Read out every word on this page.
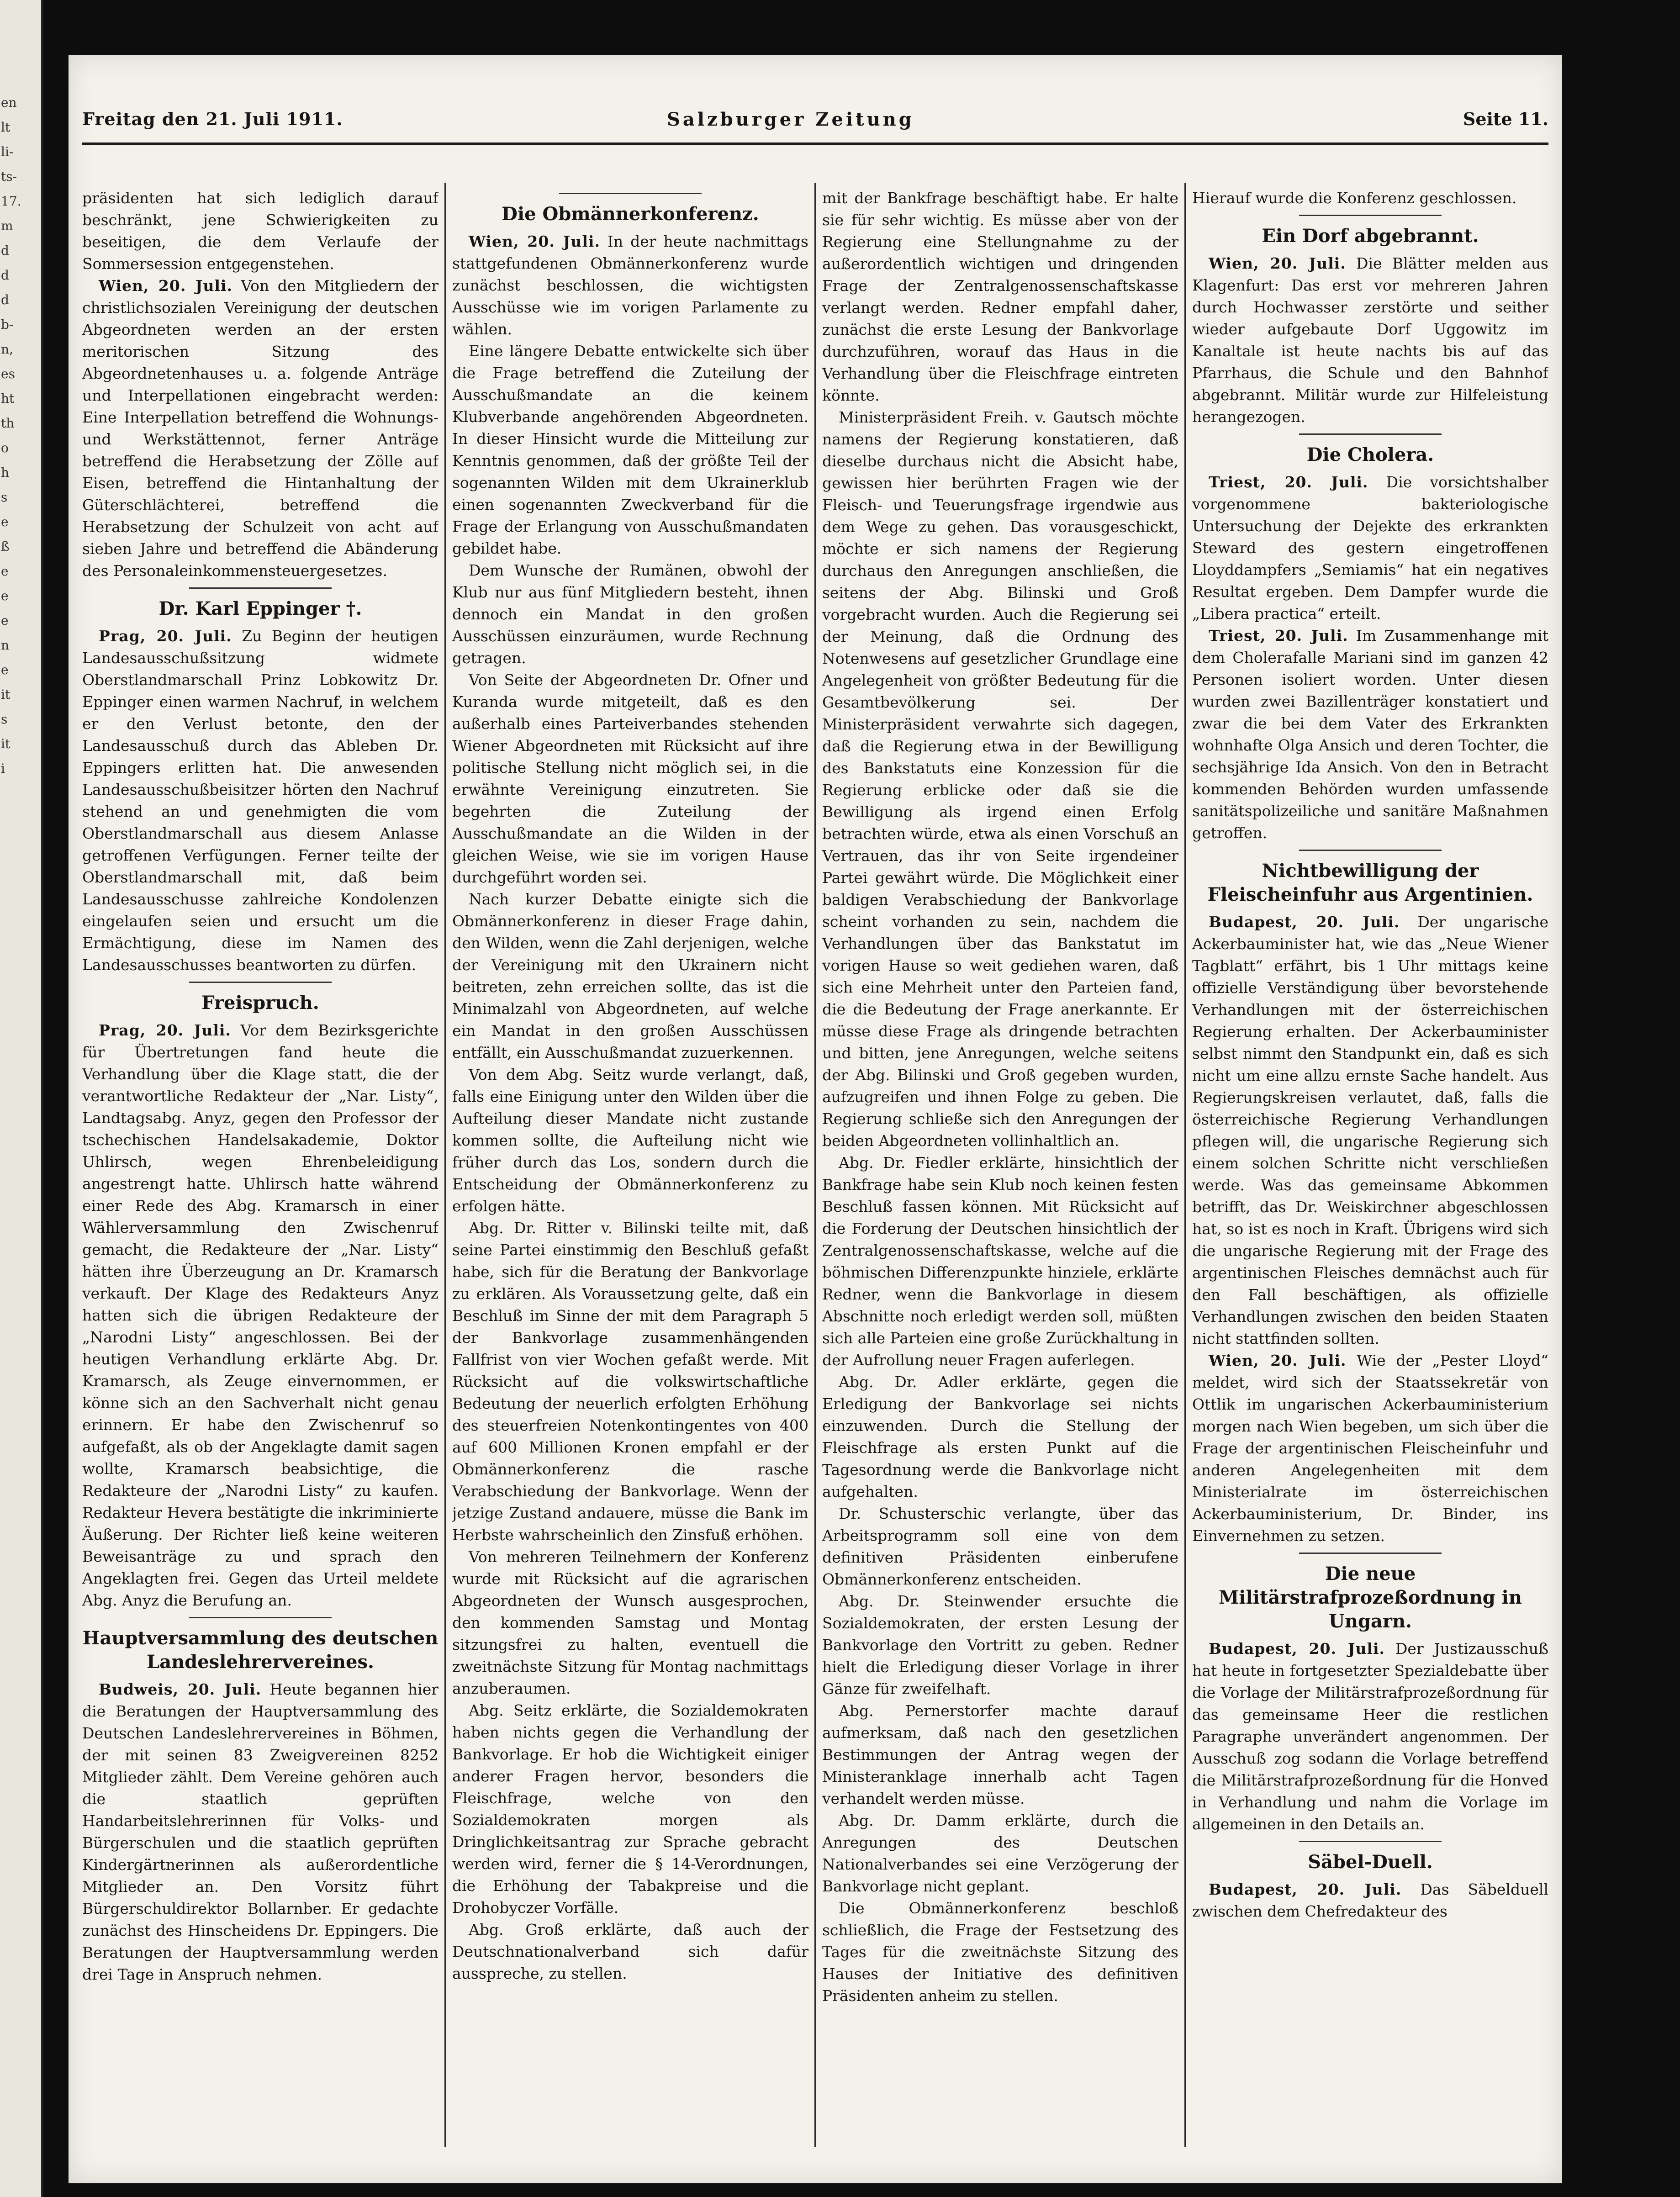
en
lt
li-
ts-
17.
m
d
d
d
b-
n,
es
ht
th
o
h
s
e
ß
e
e
e
n
e
it
s
it
i
Freitag den 21. Juli 1911.	Salzburger Zeitung	Seite 11.

präsidenten hat sich lediglich darauf beschränkt, jene Schwierigkeiten zu beseitigen, die dem Verlaufe der Sommersession entgegenstehen.

Wien, 20. Juli. Von den Mitgliedern der christlichsozialen Vereinigung der deutschen Abgeordneten werden an der ersten meritorischen Sitzung des Abgeordnetenhauses u. a. folgende Anträge und Interpellationen eingebracht werden: Eine Interpellation betreffend die Wohnungs- und Werkstättennot, ferner Anträge betreffend die Herabsetzung der Zölle auf Eisen, betreffend die Hintanhaltung der Güterschlächterei, betreffend die Herabsetzung der Schulzeit von acht auf sieben Jahre und betreffend die Abänderung des Personaleinkommensteuergesetzes.

Dr. Karl Eppinger †.

Prag, 20. Juli. Zu Beginn der heutigen Landesausschußsitzung widmete Oberstlandmarschall Prinz Lobkowitz Dr. Eppinger einen warmen Nachruf, in welchem er den Verlust betonte, den der Landesausschuß durch das Ableben Dr. Eppingers erlitten hat. Die anwesenden Landesausschußbeisitzer hörten den Nachruf stehend an und genehmigten die vom Oberstlandmarschall aus diesem Anlasse getroffenen Verfügungen. Ferner teilte der Oberstlandmarschall mit, daß beim Landesausschusse zahlreiche Kondolenzen eingelaufen seien und ersucht um die Ermächtigung, diese im Namen des Landesausschusses beantworten zu dürfen.

Freispruch.

Prag, 20. Juli. Vor dem Bezirksgerichte für Übertretungen fand heute die Verhandlung über die Klage statt, die der verantwortliche Redakteur der „Nar. Listy“, Landtagsabg. Anyz, gegen den Professor der tschechischen Handelsakademie, Doktor Uhlirsch, wegen Ehrenbeleidigung angestrengt hatte. Uhlirsch hatte während einer Rede des Abg. Kramarsch in einer Wählerversammlung den Zwischenruf gemacht, die Redakteure der „Nar. Listy“ hätten ihre Überzeugung an Dr. Kramarsch verkauft. Der Klage des Redakteurs Anyz hatten sich die übrigen Redakteure der „Narodni Listy“ angeschlossen. Bei der heutigen Verhandlung erklärte Abg. Dr. Kramarsch, als Zeuge einvernommen, er könne sich an den Sachverhalt nicht genau erinnern. Er habe den Zwischenruf so aufgefaßt, als ob der Angeklagte damit sagen wollte, Kramarsch beabsichtige, die Redakteure der „Narodni Listy“ zu kaufen. Redakteur Hevera bestätigte die inkriminierte Äußerung. Der Richter ließ keine weiteren Beweisanträge zu und sprach den Angeklagten frei. Gegen das Urteil meldete Abg. Anyz die Berufung an.

Hauptversammlung des deutschen Landeslehrervereines.

Budweis, 20. Juli. Heute begannen hier die Beratungen der Hauptversammlung des Deutschen Landeslehrervereines in Böhmen, der mit seinen 83 Zweigvereinen 8252 Mitglieder zählt. Dem Vereine gehören auch die staatlich geprüften Handarbeitslehrerinnen für Volks- und Bürgerschulen und die staatlich geprüften Kindergärtnerinnen als außerordentliche Mitglieder an. Den Vorsitz führt Bürgerschuldirektor Bollarnber. Er gedachte zunächst des Hinscheidens Dr. Eppingers. Die Beratungen der Hauptversammlung werden drei Tage in Anspruch nehmen.

Die Obmännerkonferenz.

Wien, 20. Juli. In der heute nachmittags stattgefundenen Obmännerkonferenz wurde zunächst beschlossen, die wichtigsten Ausschüsse wie im vorigen Parlamente zu wählen.

Eine längere Debatte entwickelte sich über die Frage betreffend die Zuteilung der Ausschußmandate an die keinem Klubverbande angehörenden Abgeordneten. In dieser Hinsicht wurde die Mitteilung zur Kenntnis genommen, daß der größte Teil der sogenannten Wilden mit dem Ukrainerklub einen sogenannten Zweckverband für die Frage der Erlangung von Ausschußmandaten gebildet habe.

Dem Wunsche der Rumänen, obwohl der Klub nur aus fünf Mitgliedern besteht, ihnen dennoch ein Mandat in den großen Ausschüssen einzuräumen, wurde Rechnung getragen.

Von Seite der Abgeordneten Dr. Ofner und Kuranda wurde mitgeteilt, daß es den außerhalb eines Parteiverbandes stehenden Wiener Abgeordneten mit Rücksicht auf ihre politische Stellung nicht möglich sei, in die erwähnte Vereinigung einzutreten. Sie begehrten die Zuteilung der Ausschußmandate an die Wilden in der gleichen Weise, wie sie im vorigen Hause durchgeführt worden sei.

Nach kurzer Debatte einigte sich die Obmännerkonferenz in dieser Frage dahin, den Wilden, wenn die Zahl derjenigen, welche der Vereinigung mit den Ukrainern nicht beitreten, zehn erreichen sollte, das ist die Minimalzahl von Abgeordneten, auf welche ein Mandat in den großen Ausschüssen entfällt, ein Ausschußmandat zuzuerkennen.

Von dem Abg. Seitz wurde verlangt, daß, falls eine Einigung unter den Wilden über die Aufteilung dieser Mandate nicht zustande kommen sollte, die Aufteilung nicht wie früher durch das Los, sondern durch die Entscheidung der Obmännerkonferenz zu erfolgen hätte.

Abg. Dr. Ritter v. Bilinski teilte mit, daß seine Partei einstimmig den Beschluß gefaßt habe, sich für die Beratung der Bankvorlage zu erklären. Als Voraussetzung gelte, daß ein Beschluß im Sinne der mit dem Paragraph 5 der Bankvorlage zusammenhängenden Fallfrist von vier Wochen gefaßt werde. Mit Rücksicht auf die volkswirtschaftliche Bedeutung der neuerlich erfolgten Erhöhung des steuerfreien Notenkontingentes von 400 auf 600 Millionen Kronen empfahl er der Obmännerkonferenz die rasche Verabschiedung der Bankvorlage. Wenn der jetzige Zustand andauere, müsse die Bank im Herbste wahrscheinlich den Zinsfuß erhöhen.

Von mehreren Teilnehmern der Konferenz wurde mit Rücksicht auf die agrarischen Abgeordneten der Wunsch ausgesprochen, den kommenden Samstag und Montag sitzungsfrei zu halten, eventuell die zweitnächste Sitzung für Montag nachmittags anzuberaumen.

Abg. Seitz erklärte, die Sozialdemokraten haben nichts gegen die Verhandlung der Bankvorlage. Er hob die Wichtigkeit einiger anderer Fragen hervor, besonders die Fleischfrage, welche von den Sozialdemokraten morgen als Dringlichkeitsantrag zur Sprache gebracht werden wird, ferner die § 14-Verordnungen, die Erhöhung der Tabakpreise und die Drohobyczer Vorfälle.

Abg. Groß erklärte, daß auch der Deutschnationalverband sich dafür ausspreche, zu stellen.

mit der Bankfrage beschäftigt habe. Er halte sie für sehr wichtig. Es müsse aber von der Regierung eine Stellungnahme zu der außerordentlich wichtigen und dringenden Frage der Zentralgenossenschaftskasse verlangt werden. Redner empfahl daher, zunächst die erste Lesung der Bankvorlage durchzuführen, worauf das Haus in die Verhandlung über die Fleischfrage eintreten könnte.

Ministerpräsident Freih. v. Gautsch möchte namens der Regierung konstatieren, daß dieselbe durchaus nicht die Absicht habe, gewissen hier berührten Fragen wie der Fleisch- und Teuerungsfrage irgendwie aus dem Wege zu gehen. Das vorausgeschickt, möchte er sich namens der Regierung durchaus den Anregungen anschließen, die seitens der Abg. Bilinski und Groß vorgebracht wurden. Auch die Regierung sei der Meinung, daß die Ordnung des Notenwesens auf gesetzlicher Grundlage eine Angelegenheit von größter Bedeutung für die Gesamtbevölkerung sei. Der Ministerpräsident verwahrte sich dagegen, daß die Regierung etwa in der Bewilligung des Bankstatuts eine Konzession für die Regierung erblicke oder daß sie die Bewilligung als irgend einen Erfolg betrachten würde, etwa als einen Vorschuß an Vertrauen, das ihr von Seite irgendeiner Partei gewährt würde. Die Möglichkeit einer baldigen Verabschiedung der Bankvorlage scheint vorhanden zu sein, nachdem die Verhandlungen über das Bankstatut im vorigen Hause so weit gediehen waren, daß sich eine Mehrheit unter den Parteien fand, die die Bedeutung der Frage anerkannte. Er müsse diese Frage als dringende betrachten und bitten, jene Anregungen, welche seitens der Abg. Bilinski und Groß gegeben wurden, aufzugreifen und ihnen Folge zu geben. Die Regierung schließe sich den Anregungen der beiden Abgeordneten vollinhaltlich an.

Abg. Dr. Fiedler erklärte, hinsichtlich der Bankfrage habe sein Klub noch keinen festen Beschluß fassen können. Mit Rücksicht auf die Forderung der Deutschen hinsichtlich der Zentralgenossenschaftskasse, welche auf die böhmischen Differenzpunkte hinziele, erklärte Redner, wenn die Bankvorlage in diesem Abschnitte noch erledigt werden soll, müßten sich alle Parteien eine große Zurückhaltung in der Aufrollung neuer Fragen auferlegen.

Abg. Dr. Adler erklärte, gegen die Erledigung der Bankvorlage sei nichts einzuwenden. Durch die Stellung der Fleischfrage als ersten Punkt auf die Tagesordnung werde die Bankvorlage nicht aufgehalten.

Dr. Schusterschic verlangte, über das Arbeitsprogramm soll eine von dem definitiven Präsidenten einberufene Obmännerkonferenz entscheiden.

Abg. Dr. Steinwender ersuchte die Sozialdemokraten, der ersten Lesung der Bankvorlage den Vortritt zu geben. Redner hielt die Erledigung dieser Vorlage in ihrer Gänze für zweifelhaft.

Abg. Pernerstorfer machte darauf aufmerksam, daß nach den gesetzlichen Bestimmungen der Antrag wegen der Ministeranklage innerhalb acht Tagen verhandelt werden müsse.

Abg. Dr. Damm erklärte, durch die Anregungen des Deutschen Nationalverbandes sei eine Verzögerung der Bankvorlage nicht geplant.

Die Obmännerkonferenz beschloß schließlich, die Frage der Festsetzung des Tages für die zweitnächste Sitzung des Hauses der Initiative des definitiven Präsidenten anheim zu stellen.

Hierauf wurde die Konferenz geschlossen.

Ein Dorf abgebrannt.

Wien, 20. Juli. Die Blätter melden aus Klagenfurt: Das erst vor mehreren Jahren durch Hochwasser zerstörte und seither wieder aufgebaute Dorf Uggowitz im Kanaltale ist heute nachts bis auf das Pfarrhaus, die Schule und den Bahnhof abgebrannt. Militär wurde zur Hilfeleistung herangezogen.

Die Cholera.

Triest, 20. Juli. Die vorsichtshalber vorgenommene bakteriologische Untersuchung der Dejekte des erkrankten Steward des gestern eingetroffenen Lloyddampfers „Semiamis“ hat ein negatives Resultat ergeben. Dem Dampfer wurde die „Libera practica“ erteilt.

Triest, 20. Juli. Im Zusammenhange mit dem Cholerafalle Mariani sind im ganzen 42 Personen isoliert worden. Unter diesen wurden zwei Bazillenträger konstatiert und zwar die bei dem Vater des Erkrankten wohnhafte Olga Ansich und deren Tochter, die sechsjährige Ida Ansich. Von den in Betracht kommenden Behörden wurden umfassende sanitätspolizeiliche und sanitäre Maßnahmen getroffen.

Nichtbewilligung der Fleischeinfuhr aus Argentinien.

Budapest, 20. Juli. Der ungarische Ackerbauminister hat, wie das „Neue Wiener Tagblatt“ erfährt, bis 1 Uhr mittags keine offizielle Verständigung über bevorstehende Verhandlungen mit der österreichischen Regierung erhalten. Der Ackerbauminister selbst nimmt den Standpunkt ein, daß es sich nicht um eine allzu ernste Sache handelt. Aus Regierungskreisen verlautet, daß, falls die österreichische Regierung Verhandlungen pflegen will, die ungarische Regierung sich einem solchen Schritte nicht verschließen werde. Was das gemeinsame Abkommen betrifft, das Dr. Weiskirchner abgeschlossen hat, so ist es noch in Kraft. Übrigens wird sich die ungarische Regierung mit der Frage des argentinischen Fleisches demnächst auch für den Fall beschäftigen, als offizielle Verhandlungen zwischen den beiden Staaten nicht stattfinden sollten.

Wien, 20. Juli. Wie der „Pester Lloyd“ meldet, wird sich der Staatssekretär von Ottlik im ungarischen Ackerbauministerium morgen nach Wien begeben, um sich über die Frage der argentinischen Fleischeinfuhr und anderen Angelegenheiten mit dem Ministerialrate im österreichischen Ackerbauministerium, Dr. Binder, ins Einvernehmen zu setzen.

Die neue Militärstrafprozeßordnung in Ungarn.

Budapest, 20. Juli. Der Justizausschuß hat heute in fortgesetzter Spezialdebatte über die Vorlage der Militärstrafprozeßordnung für das gemeinsame Heer die restlichen Paragraphe unverändert angenommen. Der Ausschuß zog sodann die Vorlage betreffend die Militärstrafprozeßordnung für die Honved in Verhandlung und nahm die Vorlage im allgemeinen in den Details an.

Säbel-Duell.

Budapest, 20. Juli. Das Säbelduell zwischen dem Chefredakteur des
